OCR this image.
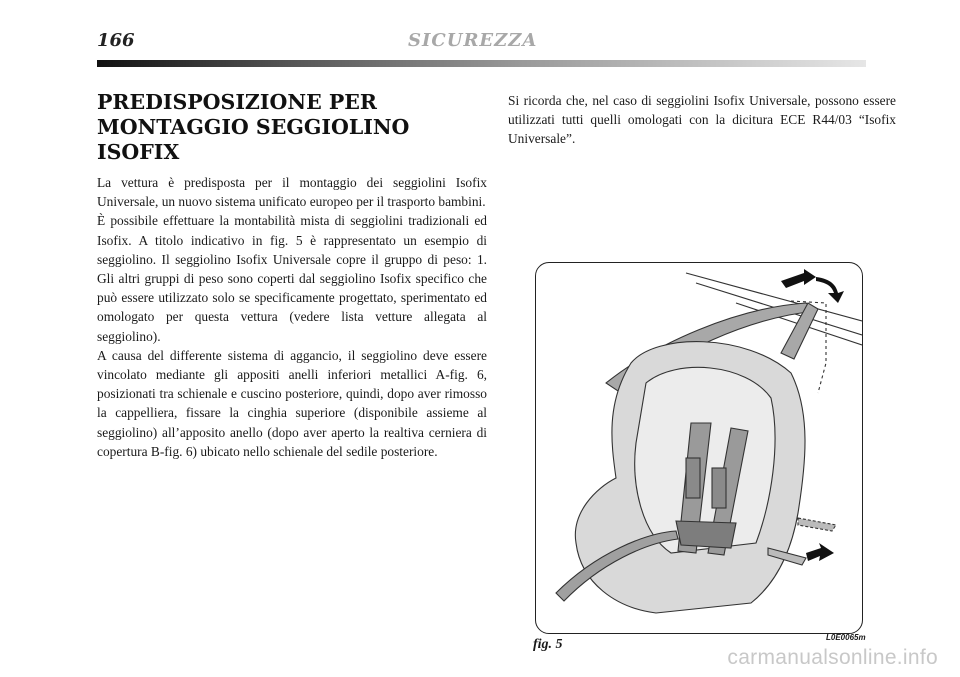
166	SICUREZZA
PREDISPOSIZIONE PER
MONTAGGIO SEGGIOLINO ISOFIX

La vettura è predisposta per il montaggio dei seggiolini Isofix Universale, un nuovo sistema unificato europeo per il trasporto bambini.

È possibile effettuare la montabilità mista di seggiolini tradizionali ed Isofix. A titolo indicativo in fig. 5 è rappresentato un esempio di seggiolino. Il seggiolino Isofix Universale copre il gruppo di peso: 1. Gli altri gruppi di peso sono coperti dal seggiolino Isofix specifico che può essere utilizzato solo se specificamente progettato, sperimentato ed omologato per questa vettura (vedere lista vetture allegata al seggiolino).

A causa del differente sistema di aggancio, il seggiolino deve essere vincolato mediante gli appositi anelli inferiori metallici A-fig. 6, posizionati tra schienale e cuscino posteriore, quindi, dopo aver rimosso la cappelliera, fissare la cinghia superiore (disponibile assieme al seggiolino) all’apposito anello (dopo aver aperto la realtiva cerniera di copertura B-fig. 6) ubicato nello schienale del sedile posteriore.

Si ricorda che, nel caso di seggiolini Isofix Universale, possono essere utilizzati tutti quelli omologati con la dicitura ECE R44/03 “Isofix Universale”.

fig. 5	L0E0065m
carmanualsonline.info
